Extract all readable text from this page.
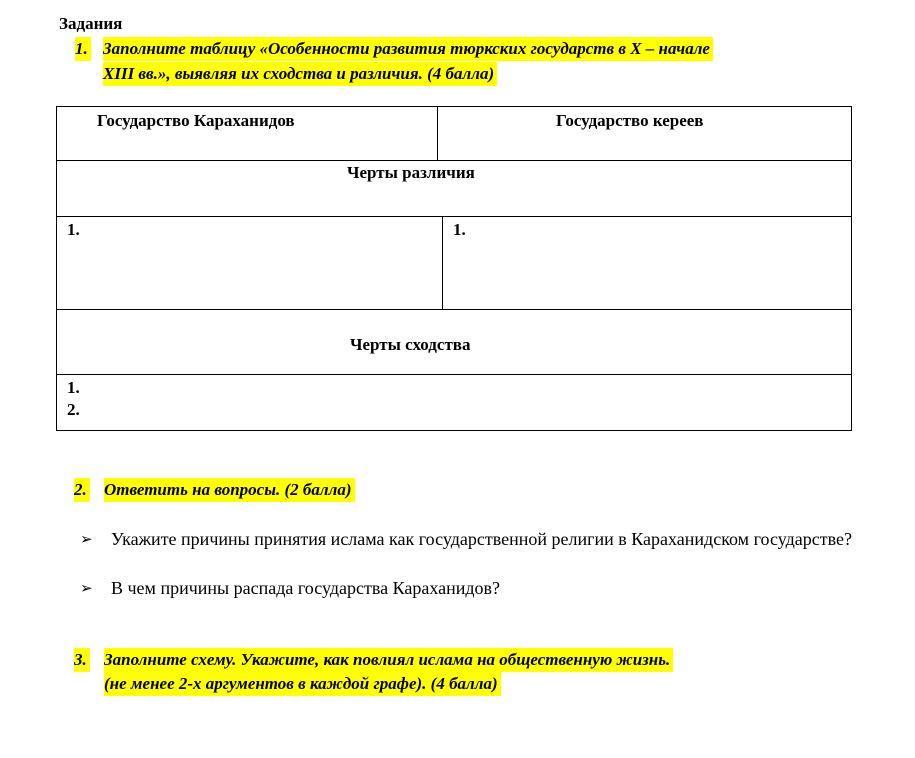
Задания
1. Заполните таблицу «Особенности развития тюркских государств в X – начале
XIII вв.», выявляя их сходства и различия. (4 балла)
Государство Караханидов	Государство кереев
Черты различия
1.	1.
Черты сходства
1.
2.
2. Ответить на вопросы. (2 балла)
➢ Укажите причины принятия ислама как государственной религии в Караханидском государстве?
➢ В чем причины распада государства Караханидов?
3. Заполните схему. Укажите, как повлиял ислама на общественную жизнь.
(не менее 2-х аргументов в каждой графе). (4 балла)
